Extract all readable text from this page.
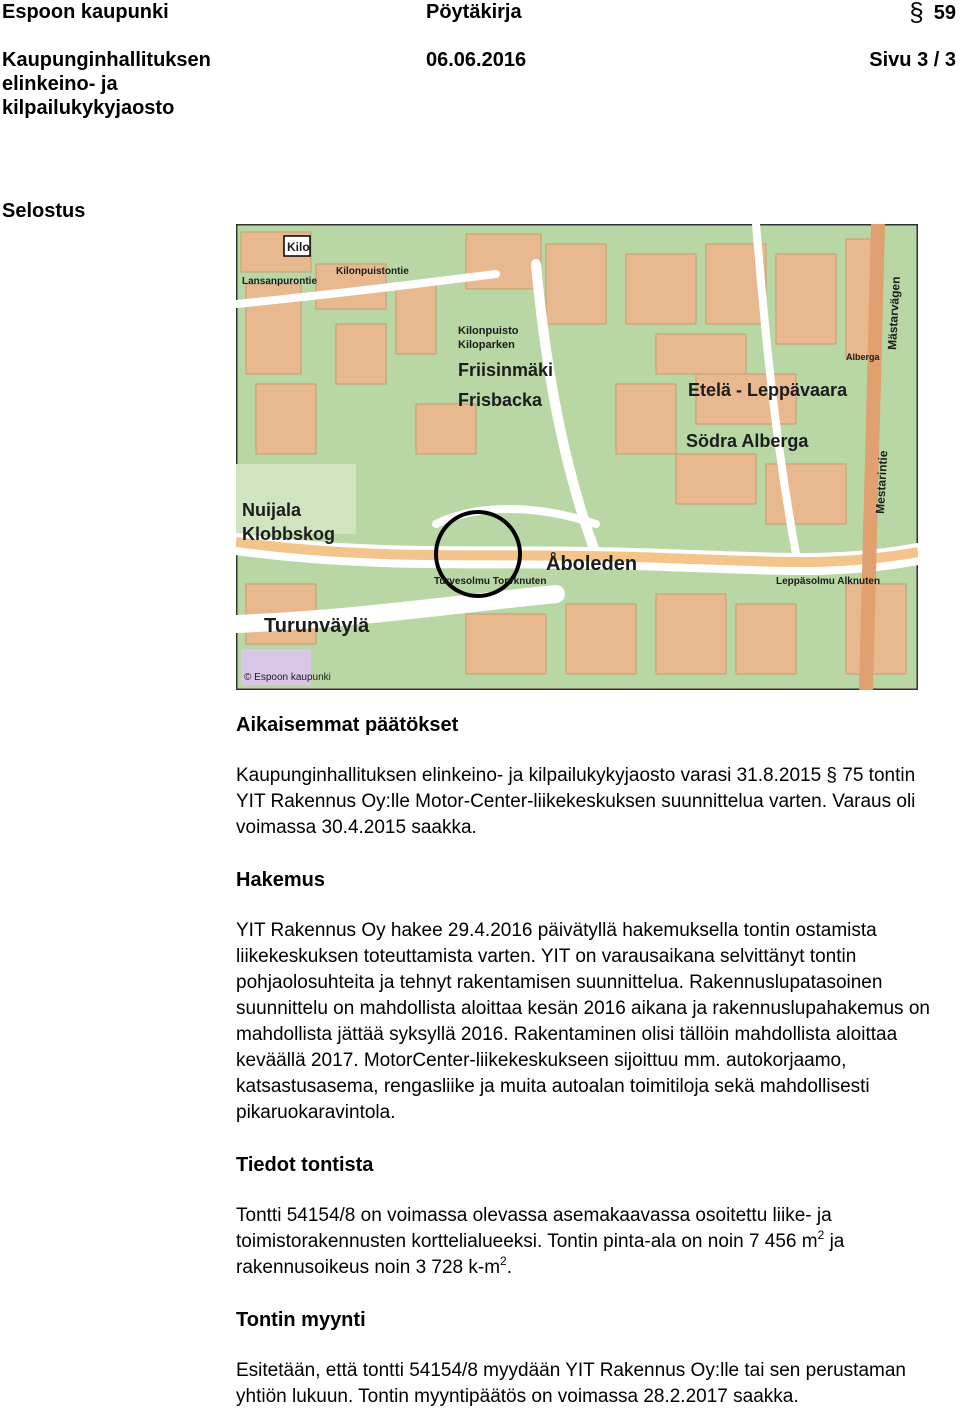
Espoon kaupunki	Pöytäkirja	§ 59
Kaupunginhallituksen elinkeino- ja kilpailukykyjaosto
06.06.2016	Sivu 3 / 3
Selostus
Kilo
Friisinmäki
Frisbacka	Etelä - Leppävaara
Södra Alberga
Nuijala
Klobbskog
Åboleden
Turunväylä
Mestarintie
Mästarvägen
Alberga
Leppäsolmu Alknuten
Turvesolmu Torvknuten
Lansanpurontie
Kilonpuistontie
Kilonpuisto
Kiloparken
© Espoon kaupunki

Aikaisemmat päätökset

Kaupunginhallituksen elinkeino- ja kilpailukykyjaosto varasi 31.8.2015 § 75 tontin YIT Rakennus Oy:lle Motor-Center-liikekeskuksen suunnittelua varten. Varaus oli voimassa 30.4.2015 saakka.

Hakemus

YIT Rakennus Oy hakee 29.4.2016 päivätyllä hakemuksella tontin ostamista liikekeskuksen toteuttamista varten. YIT on varausaikana selvittänyt tontin pohjaolosuhteita ja tehnyt rakentamisen suunnittelua. Rakennuslupatasoinen suunnittelu on mahdollista aloittaa kesän 2016 aikana ja rakennuslupahakemus on mahdollista jättää syksyllä 2016. Rakentaminen olisi tällöin mahdollista aloittaa keväällä 2017. MotorCenter-liikekeskukseen sijoittuu mm. autokorjaamo, katsastusasema, rengasliike ja muita autoalan toimitiloja sekä mahdollisesti pikaruokaravintola.

Tiedot tontista

Tontti 54154/8 on voimassa olevassa asemakaavassa osoitettu liike- ja toimistorakennusten korttelialueeksi. Tontin pinta-ala on noin 7 456 $m^2$ ja rakennusoikeus noin 3 728 $k-m^2$.

Tontin myynti

Esitetään, että tontti 54154/8 myydään YIT Rakennus Oy:lle tai sen perustaman yhtiön lukuun. Tontin myyntipäätös on voimassa 28.2.2017 saakka.
